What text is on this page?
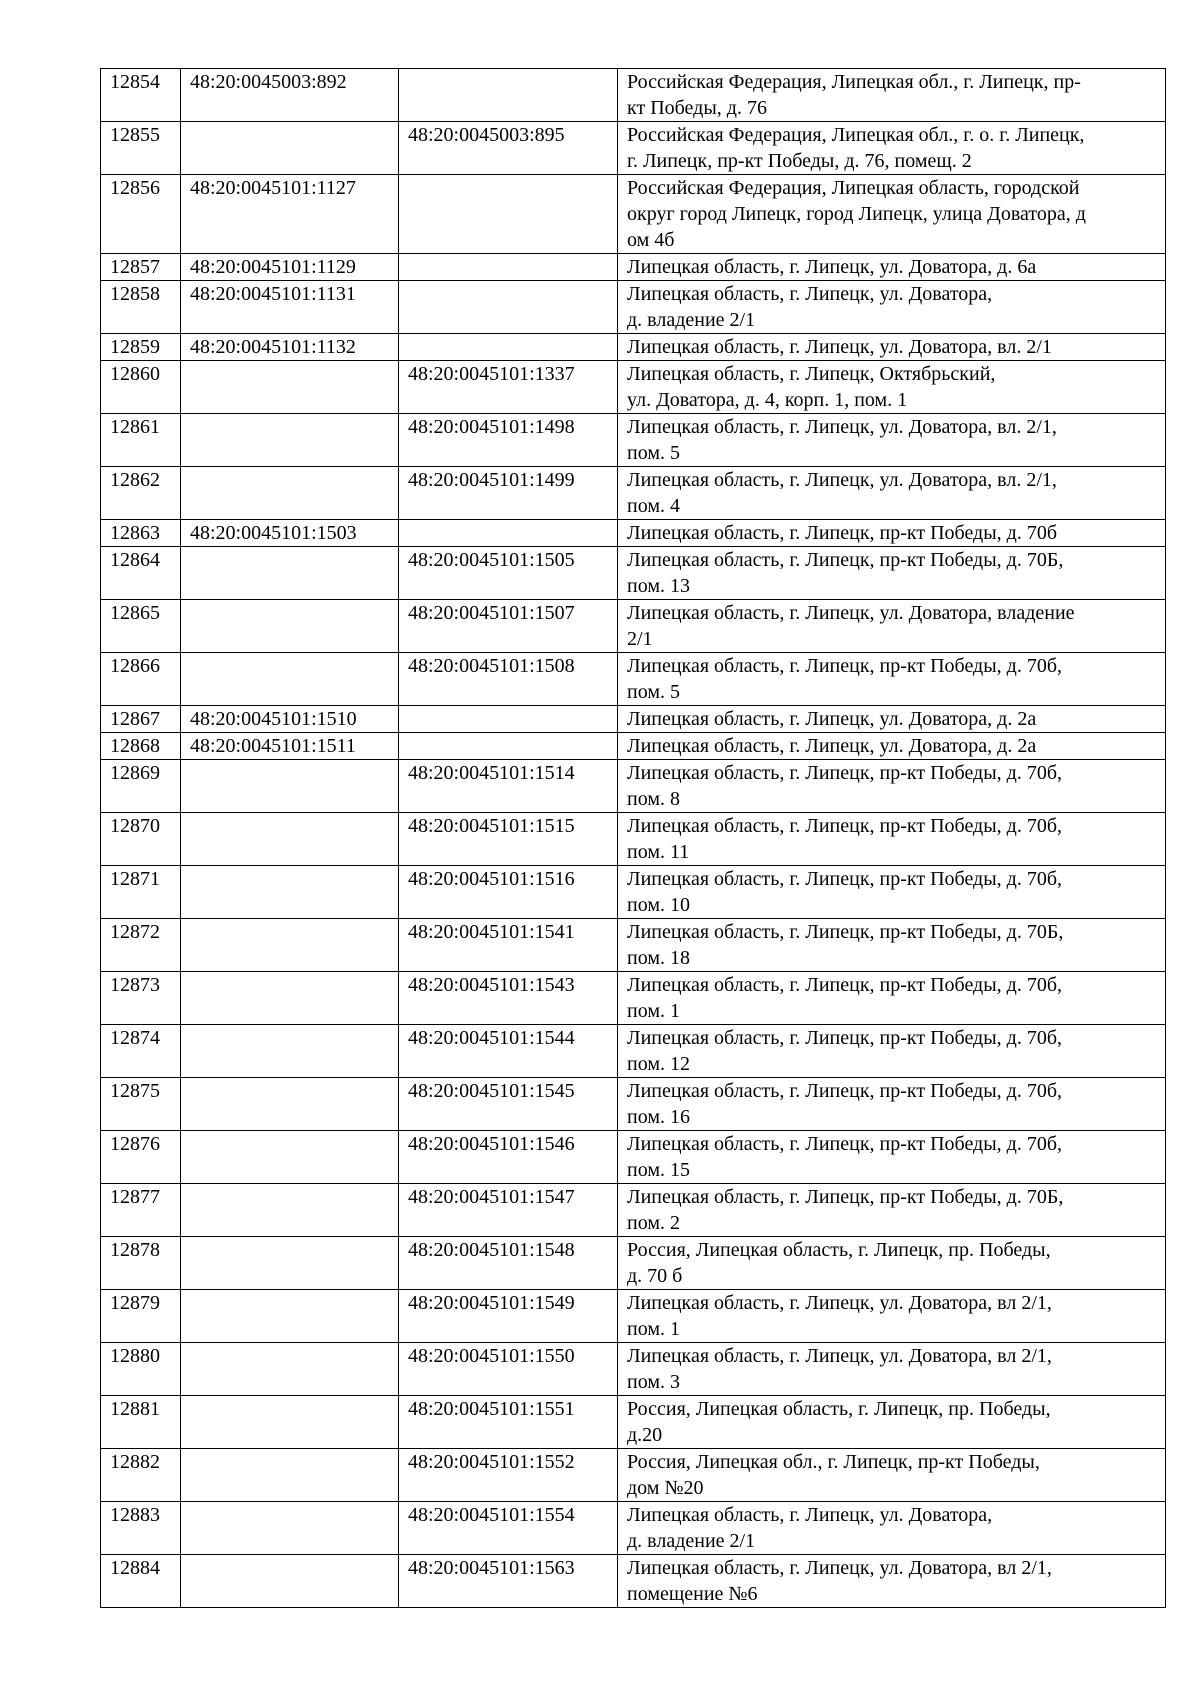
12854	48:20:0045003:892		Российская Федерация, Липецкая обл., г. Липецк, пр-
кт Победы, д. 76
12855		48:20:0045003:895	Российская Федерация, Липецкая обл., г. о. г. Липецк,
г. Липецк, пр-кт Победы, д. 76, помещ. 2
12856	48:20:0045101:1127		Российская Федерация, Липецкая область, городской
округ город Липецк, город Липецк, улица Доватора, д
ом 4б
12857	48:20:0045101:1129		Липецкая область, г. Липецк, ул. Доватора, д. 6а
12858	48:20:0045101:1131		Липецкая область, г. Липецк, ул. Доватора,
д. владение 2/1
12859	48:20:0045101:1132		Липецкая область, г. Липецк, ул. Доватора, вл. 2/1
12860		48:20:0045101:1337	Липецкая область, г. Липецк, Октябрьский,
ул. Доватора, д. 4, корп. 1, пом. 1
12861		48:20:0045101:1498	Липецкая область, г. Липецк, ул. Доватора, вл. 2/1,
пом. 5
12862		48:20:0045101:1499	Липецкая область, г. Липецк, ул. Доватора, вл. 2/1,
пом. 4
12863	48:20:0045101:1503		Липецкая область, г. Липецк, пр-кт Победы, д. 70б
12864		48:20:0045101:1505	Липецкая область, г. Липецк, пр-кт Победы, д. 70Б,
пом. 13
12865		48:20:0045101:1507	Липецкая область, г. Липецк, ул. Доватора, владение
2/1
12866		48:20:0045101:1508	Липецкая область, г. Липецк, пр-кт Победы, д. 70б,
пом. 5
12867	48:20:0045101:1510		Липецкая область, г. Липецк, ул. Доватора, д. 2а
12868	48:20:0045101:1511		Липецкая область, г. Липецк, ул. Доватора, д. 2а
12869		48:20:0045101:1514	Липецкая область, г. Липецк, пр-кт Победы, д. 70б,
пом. 8
12870		48:20:0045101:1515	Липецкая область, г. Липецк, пр-кт Победы, д. 70б,
пом. 11
12871		48:20:0045101:1516	Липецкая область, г. Липецк, пр-кт Победы, д. 70б,
пом. 10
12872		48:20:0045101:1541	Липецкая область, г. Липецк, пр-кт Победы, д. 70Б,
пом. 18
12873		48:20:0045101:1543	Липецкая область, г. Липецк, пр-кт Победы, д. 70б,
пом. 1
12874		48:20:0045101:1544	Липецкая область, г. Липецк, пр-кт Победы, д. 70б,
пом. 12
12875		48:20:0045101:1545	Липецкая область, г. Липецк, пр-кт Победы, д. 70б,
пом. 16
12876		48:20:0045101:1546	Липецкая область, г. Липецк, пр-кт Победы, д. 70б,
пом. 15
12877		48:20:0045101:1547	Липецкая область, г. Липецк, пр-кт Победы, д. 70Б,
пом. 2
12878		48:20:0045101:1548	Россия, Липецкая область, г. Липецк, пр. Победы,
д. 70 б
12879		48:20:0045101:1549	Липецкая область, г. Липецк, ул. Доватора, вл 2/1,
пом. 1
12880		48:20:0045101:1550	Липецкая область, г. Липецк, ул. Доватора, вл 2/1,
пом. 3
12881		48:20:0045101:1551	Россия, Липецкая область, г. Липецк, пр. Победы,
д.20
12882		48:20:0045101:1552	Россия, Липецкая обл., г. Липецк, пр-кт Победы,
дом №20
12883		48:20:0045101:1554	Липецкая область, г. Липецк, ул. Доватора,
д. владение 2/1
12884		48:20:0045101:1563	Липецкая область, г. Липецк, ул. Доватора, вл 2/1,
помещение №6
